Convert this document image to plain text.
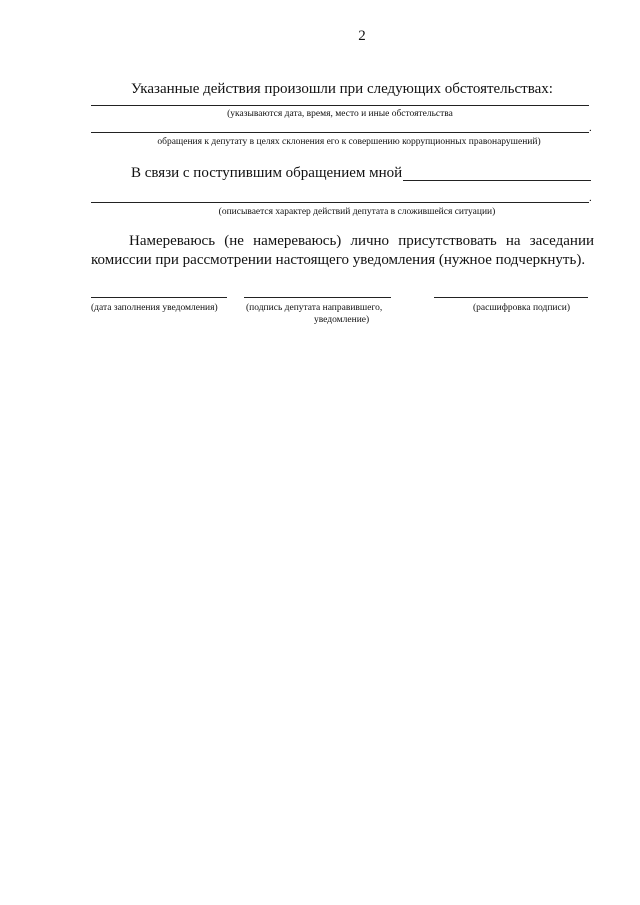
2
Указанные действия произошли при следующих обстоятельствах:
(указываются дата, время, место и иные обстоятельства
.
обращения к депутату в целях склонения его к совершению коррупционных правонарушений)
В связи с поступившим обращением мной
.
(описывается характер действий депутата в сложившейся ситуации)
Намереваюсь (не намереваюсь) лично присутствовать на заседании
комиссии при рассмотрении настоящего уведомления (нужное подчеркнуть).
(дата заполнения уведомления)	(подпись депутата направившего,
уведомление)
(расшифровка подписи)
